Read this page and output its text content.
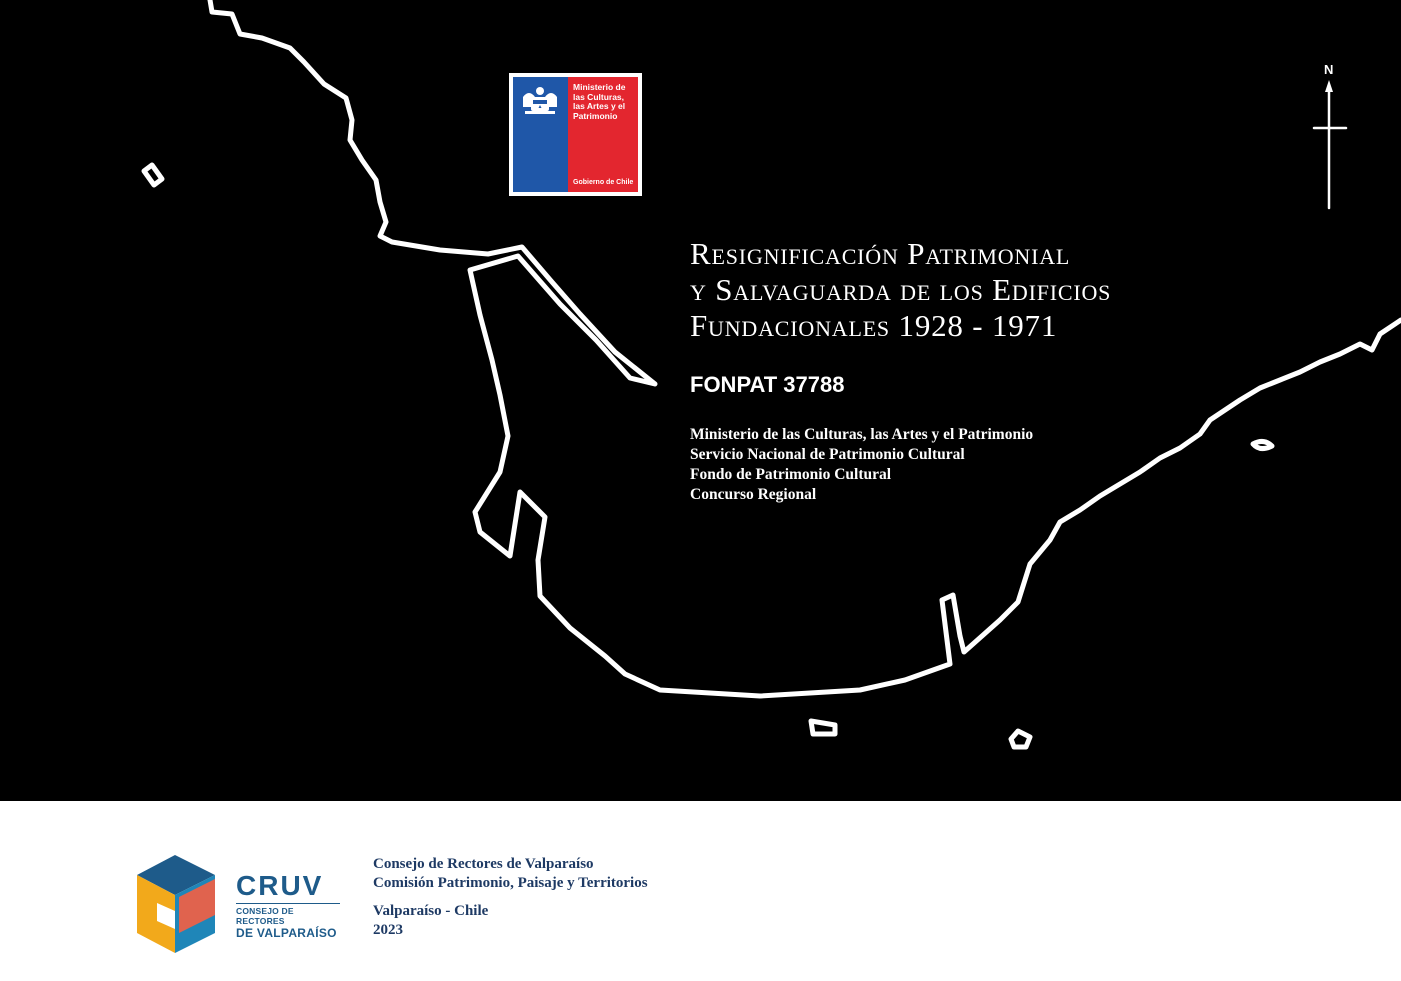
Ministerio de
las Culturas,
las Artes y el
Patrimonio
Gobierno de Chile
N
Resignificación Patrimonial
y Salvaguarda de los Edificios
Fundacionales 1928 - 1971
FONPAT 37788
Ministerio de las Culturas, las Artes y el Patrimonio
Servicio Nacional de Patrimonio Cultural
Fondo de Patrimonio Cultural
Concurso Regional
CRUV
CONSEJO DE RECTORES
DE VALPARAÍSO
Consejo de Rectores de Valparaíso
Comisión Patrimonio, Paisaje y Territorios
Valparaíso - Chile
2023
